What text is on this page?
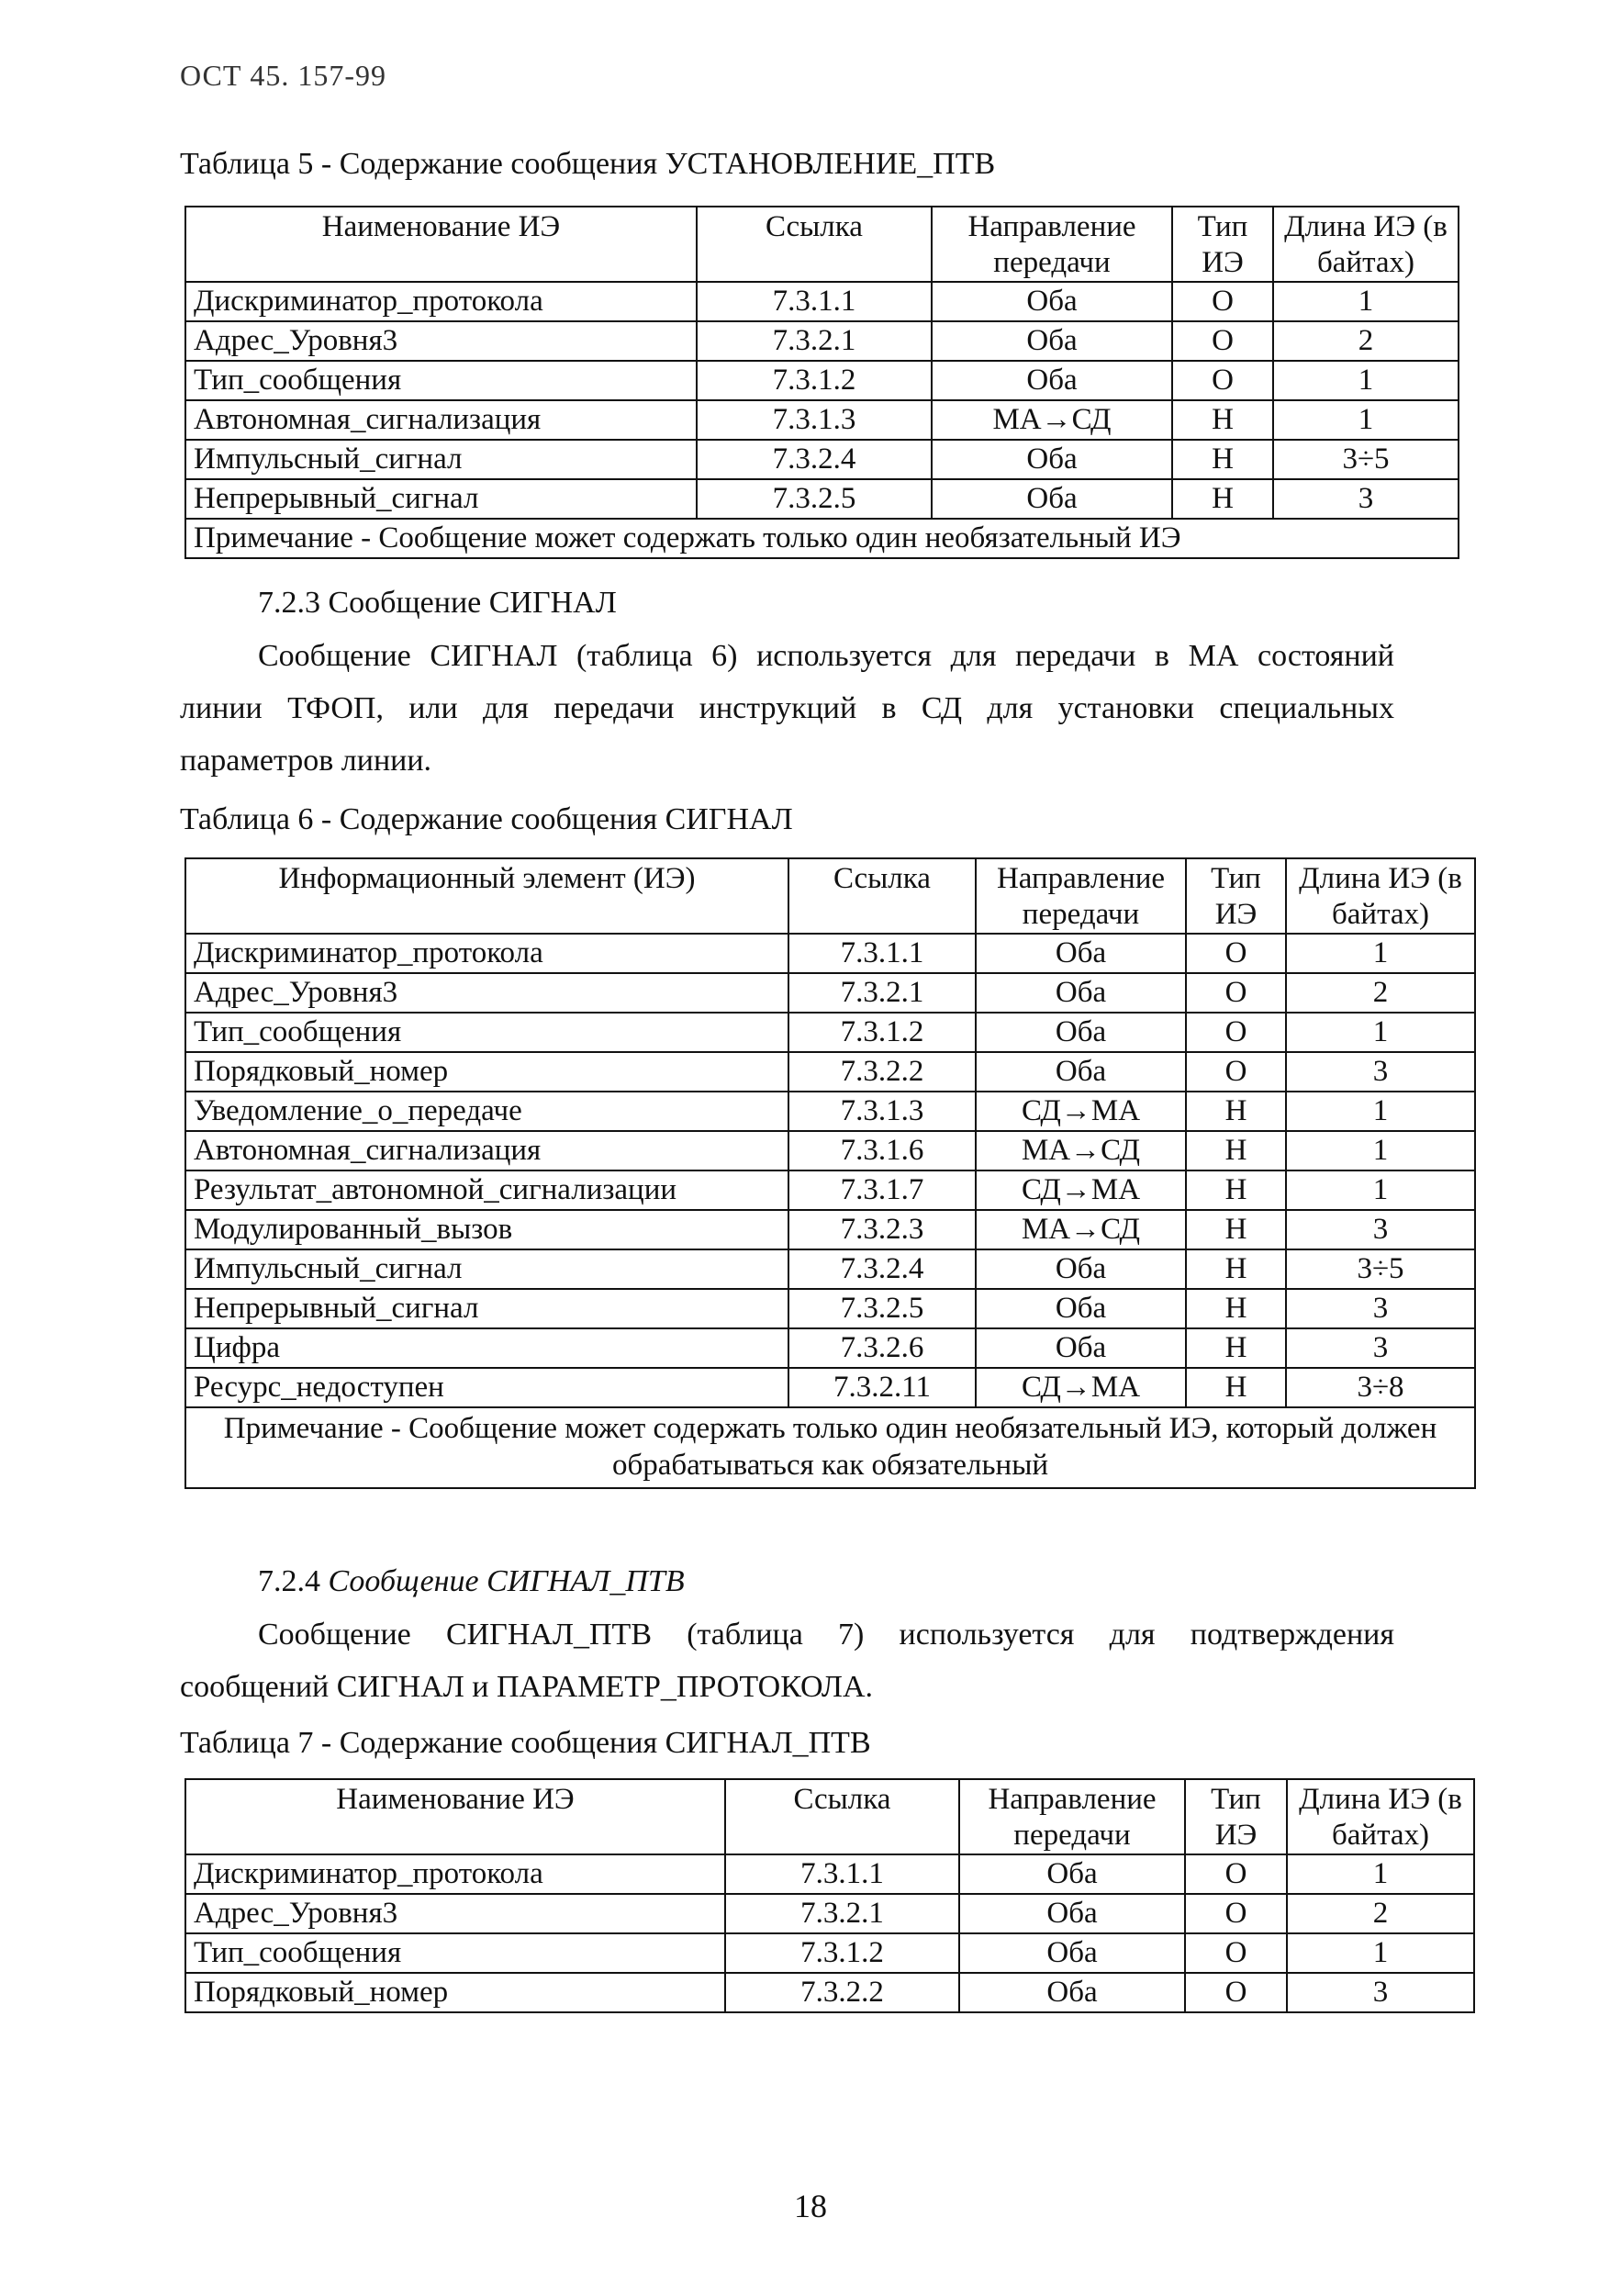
ОСТ 45. 157-99
Таблица 5 - Содержание сообщения УСТАНОВЛЕНИЕ_ПТВ
Наименование ИЭ	Ссылка	Направление передачи	Тип ИЭ	Длина ИЭ (в байтах)
Дискриминатор_протокола	7.3.1.1	Оба	О	1
Адрес_Уровня3	7.3.2.1	Оба	О	2
Тип_сообщения	7.3.1.2	Оба	О	1
Автономная_сигнализация	7.3.1.3	МА→СД	Н	1
Импульсный_сигнал	7.3.2.4	Оба	Н	3÷5
Непрерывный_сигнал	7.3.2.5	Оба	Н	3
Примечание - Сообщение может содержать только один необязательный ИЭ				
7.2.3 Сообщение СИГНАЛ
Сообщение СИГНАЛ (таблица 6) используется для передачи в МА состояний
линии ТФОП, или для передачи инструкций в СД для установки специальных
параметров линии.
Таблица 6 - Содержание сообщения СИГНАЛ
Информационный элемент (ИЭ)	Ссылка	Направление передачи	Тип ИЭ	Длина ИЭ (в байтах)
Дискриминатор_протокола	7.3.1.1	Оба	О	1
Адрес_Уровня3	7.3.2.1	Оба	О	2
Тип_сообщения	7.3.1.2	Оба	О	1
Порядковый_номер	7.3.2.2	Оба	О	3
Уведомление_о_передаче	7.3.1.3	СД→МА	Н	1
Автономная_сигнализация	7.3.1.6	МА→СД	Н	1
Результат_автономной_сигнализации	7.3.1.7	СД→МА	Н	1
Модулированный_вызов	7.3.2.3	МА→СД	Н	3
Импульсный_сигнал	7.3.2.4	Оба	Н	3÷5
Непрерывный_сигнал	7.3.2.5	Оба	Н	3
Цифра	7.3.2.6	Оба	Н	3
Ресурс_недоступен	7.3.2.11	СД→МА	Н	3÷8
Примечание - Сообщение может содержать только один необязательный ИЭ, который должен обрабатываться как обязательный				
7.2.4 Сообщение СИГНАЛ_ПТВ
Сообщение СИГНАЛ_ПТВ (таблица 7) используется для подтверждения
сообщений СИГНАЛ и ПАРАМЕТР_ПРОТОКОЛА.
Таблица 7 - Содержание сообщения СИГНАЛ_ПТВ
Наименование ИЭ	Ссылка	Направление передачи	Тип ИЭ	Длина ИЭ (в байтах)
Дискриминатор_протокола	7.3.1.1	Оба	О	1
Адрес_Уровня3	7.3.2.1	Оба	О	2
Тип_сообщения	7.3.1.2	Оба	О	1
Порядковый_номер	7.3.2.2	Оба	О	3
18
